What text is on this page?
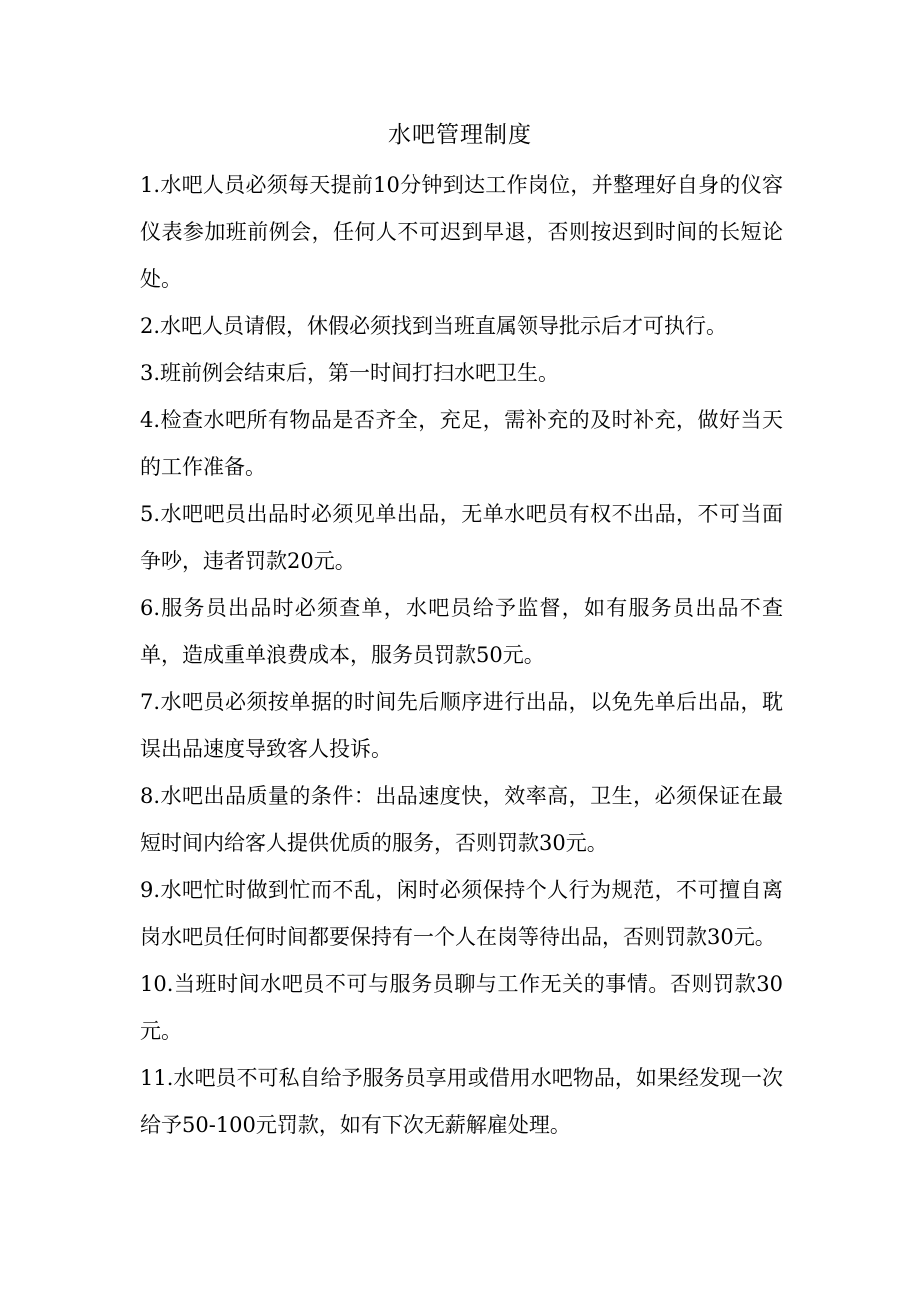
水吧管理制度

1.水吧人员必须每天提前10分钟到达工作岗位，并整理好自身的仪容仪表参加班前例会，任何人不可迟到早退，否则按迟到时间的长短论处。

2.水吧人员请假，休假必须找到当班直属领导批示后才可执行。

3.班前例会结束后，第一时间打扫水吧卫生。

4.检查水吧所有物品是否齐全，充足，需补充的及时补充，做好当天的工作准备。

5.水吧吧员出品时必须见单出品，无单水吧员有权不出品，不可当面争吵，违者罚款20元。

6.服务员出品时必须查单，水吧员给予监督，如有服务员出品不查单，造成重单浪费成本，服务员罚款50元。

7.水吧员必须按单据的时间先后顺序进行出品，以免先单后出品，耽误出品速度导致客人投诉。

8.水吧出品质量的条件：出品速度快，效率高，卫生，必须保证在最短时间内给客人提供优质的服务，否则罚款30元。

9.水吧忙时做到忙而不乱，闲时必须保持个人行为规范，不可擅自离岗水吧员任何时间都要保持有一个人在岗等待出品，否则罚款30元。

10.当班时间水吧员不可与服务员聊与工作无关的事情。否则罚款30元。

11.水吧员不可私自给予服务员享用或借用水吧物品，如果经发现一次给予50-100元罚款，如有下次无薪解雇处理。
